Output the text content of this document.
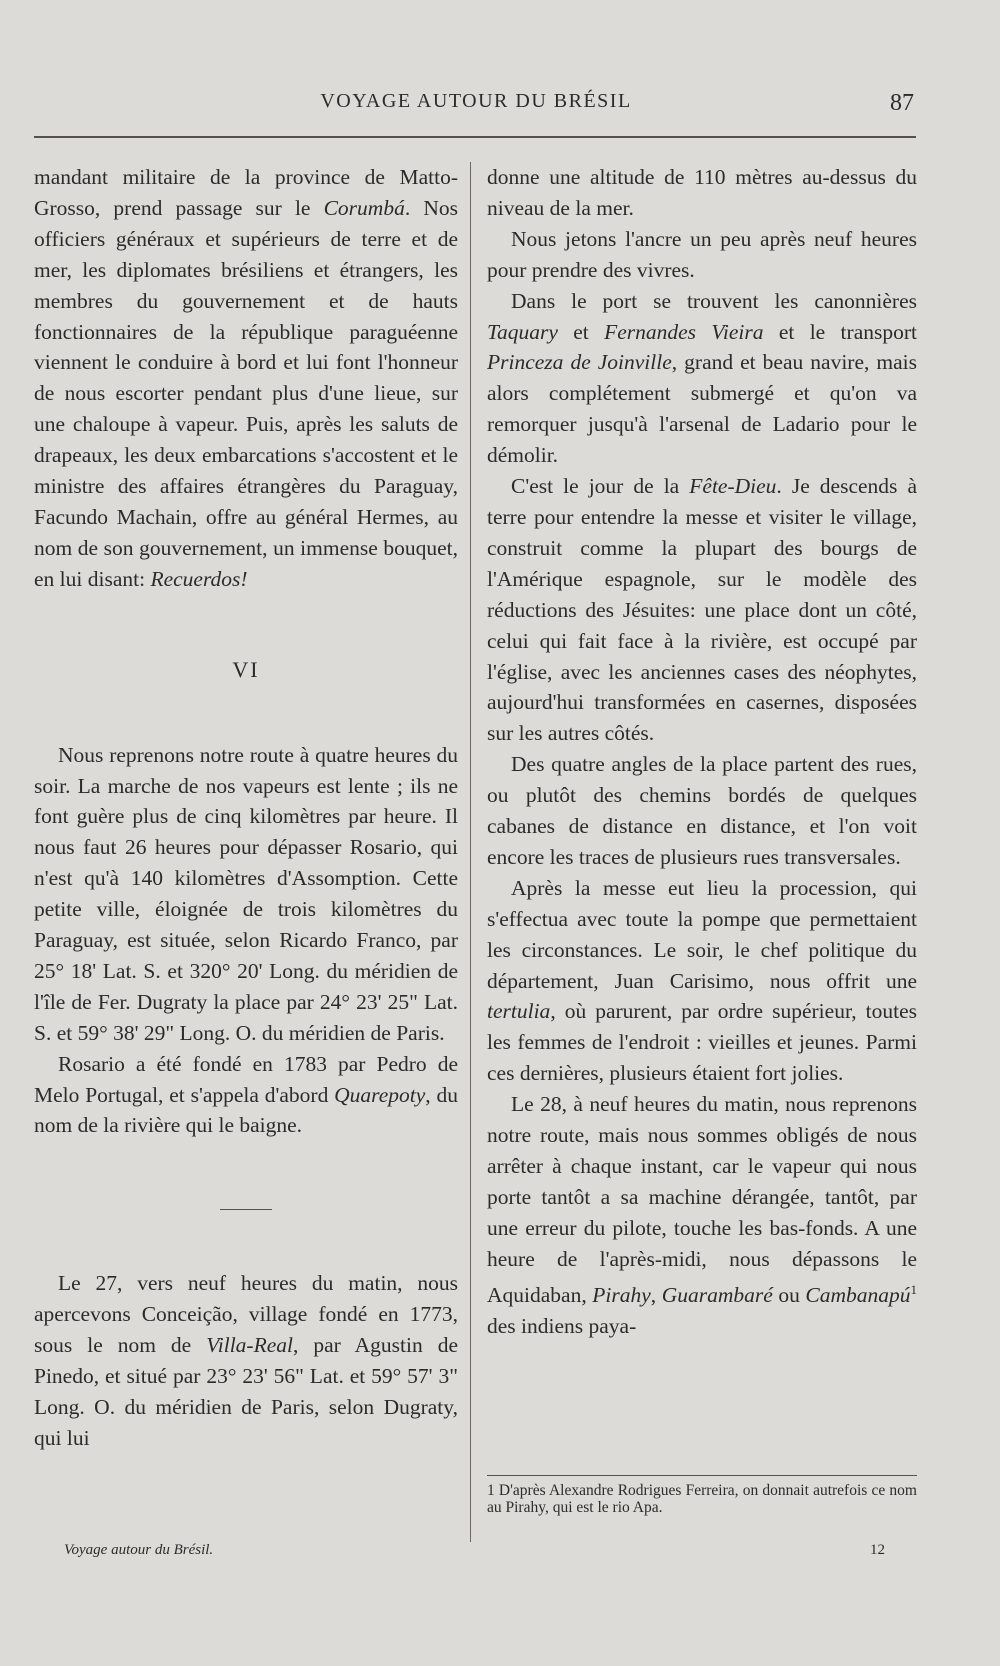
VOYAGE AUTOUR DU BRÉSIL	87

mandant militaire de la province de Matto-Grosso, prend passage sur le Corumbá. Nos officiers généraux et supérieurs de terre et de mer, les diplomates brésiliens et étrangers, les membres du gouvernement et de hauts fonctionnaires de la république paraguéenne viennent le conduire à bord et lui font l'honneur de nous escorter pendant plus d'une lieue, sur une chaloupe à vapeur. Puis, après les saluts de drapeaux, les deux embarcations s'accostent et le ministre des affaires étrangères du Paraguay, Facundo Machain, offre au général Hermes, au nom de son gouvernement, un immense bouquet, en lui disant: Recuerdos!

VI

Nous reprenons notre route à quatre heures du soir. La marche de nos vapeurs est lente ; ils ne font guère plus de cinq kilomètres par heure. Il nous faut 26 heures pour dépasser Rosario, qui n'est qu'à 140 kilomètres d'Assomption. Cette petite ville, éloignée de trois kilomètres du Paraguay, est située, selon Ricardo Franco, par 25° 18' Lat. S. et 320° 20' Long. du méridien de l'île de Fer. Dugraty la place par 24° 23' 25" Lat. S. et 59° 38' 29" Long. O. du méridien de Paris.

Rosario a été fondé en 1783 par Pedro de Melo Portugal, et s'appela d'abord Quarepoty, du nom de la rivière qui le baigne.

Le 27, vers neuf heures du matin, nous apercevons Conceição, village fondé en 1773, sous le nom de Villa-Real, par Agustin de Pinedo, et situé par 23° 23' 56" Lat. et 59° 57' 3" Long. O. du méridien de Paris, selon Dugraty, qui lui

donne une altitude de 110 mètres au-dessus du niveau de la mer.

Nous jetons l'ancre un peu après neuf heures pour prendre des vivres.

Dans le port se trouvent les canonnières Taquary et Fernandes Vieira et le transport Princeza de Joinville, grand et beau navire, mais alors complétement submergé et qu'on va remorquer jusqu'à l'arsenal de Ladario pour le démolir.

C'est le jour de la Fête-Dieu. Je descends à terre pour entendre la messe et visiter le village, construit comme la plupart des bourgs de l'Amérique espagnole, sur le modèle des réductions des Jésuites: une place dont un côté, celui qui fait face à la rivière, est occupé par l'église, avec les anciennes cases des néophytes, aujourd'hui transformées en casernes, disposées sur les autres côtés.

Des quatre angles de la place partent des rues, ou plutôt des chemins bordés de quelques cabanes de distance en distance, et l'on voit encore les traces de plusieurs rues transversales.

Après la messe eut lieu la procession, qui s'effectua avec toute la pompe que permettaient les circonstances. Le soir, le chef politique du département, Juan Carisimo, nous offrit une tertulia, où parurent, par ordre supérieur, toutes les femmes de l'endroit : vieilles et jeunes. Parmi ces dernières, plusieurs étaient fort jolies.

Le 28, à neuf heures du matin, nous reprenons notre route, mais nous sommes obligés de nous arrêter à chaque instant, car le vapeur qui nous porte tantôt a sa machine dérangée, tantôt, par une erreur du pilote, touche les bas-fonds. A une heure de l'après-midi, nous dépassons le Aquidaban, Pirahy, Guarambaré ou Cambanapú$^1$ des indiens paya-

1 D'après Alexandre Rodrigues Ferreira, on donnait autrefois ce nom au Pirahy, qui est le rio Apa.
Voyage autour du Brésil.	12
